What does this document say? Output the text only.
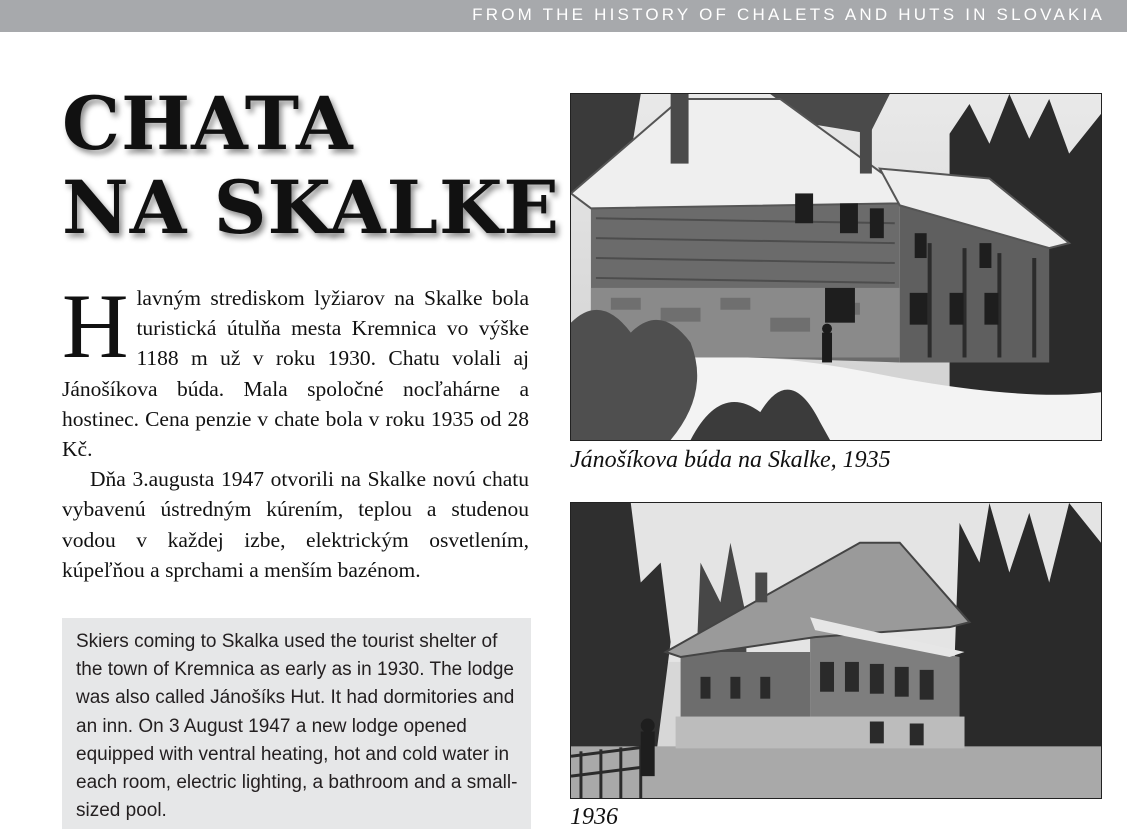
FROM THE HISTORY OF CHALETS AND HUTS IN SLOVAKIA
CHATA
NA SKALKE

Hlavným strediskom lyžiarov na Skalke bola turistická útulňa mesta Kremnica vo výške 1188 m už v roku 1930. Chatu volali aj Jánošíkova búda. Mala spoločné nocľahárne a hostinec. Cena penzie v chate bola v roku 1935 od 28 Kč.

Dňa 3.augusta 1947 otvorili na Skalke novú chatu vybavenú ústredným kúrením, teplou a studenou vodou v každej izbe, elektrickým osvetlením, kúpeľňou a sprchami a menším bazénom.

Skiers coming to Skalka used the tourist shelter of the town of Kremnica as early as in 1930. The lodge was also called Jánošíks Hut. It had dormitories and an inn. On 3 August 1947 a new lodge opened equipped with ventral heating, hot and cold water in each room, electric lighting, a bathroom and a small-sized pool.
Jánošíkova búda na Skalke, 1935
1936
